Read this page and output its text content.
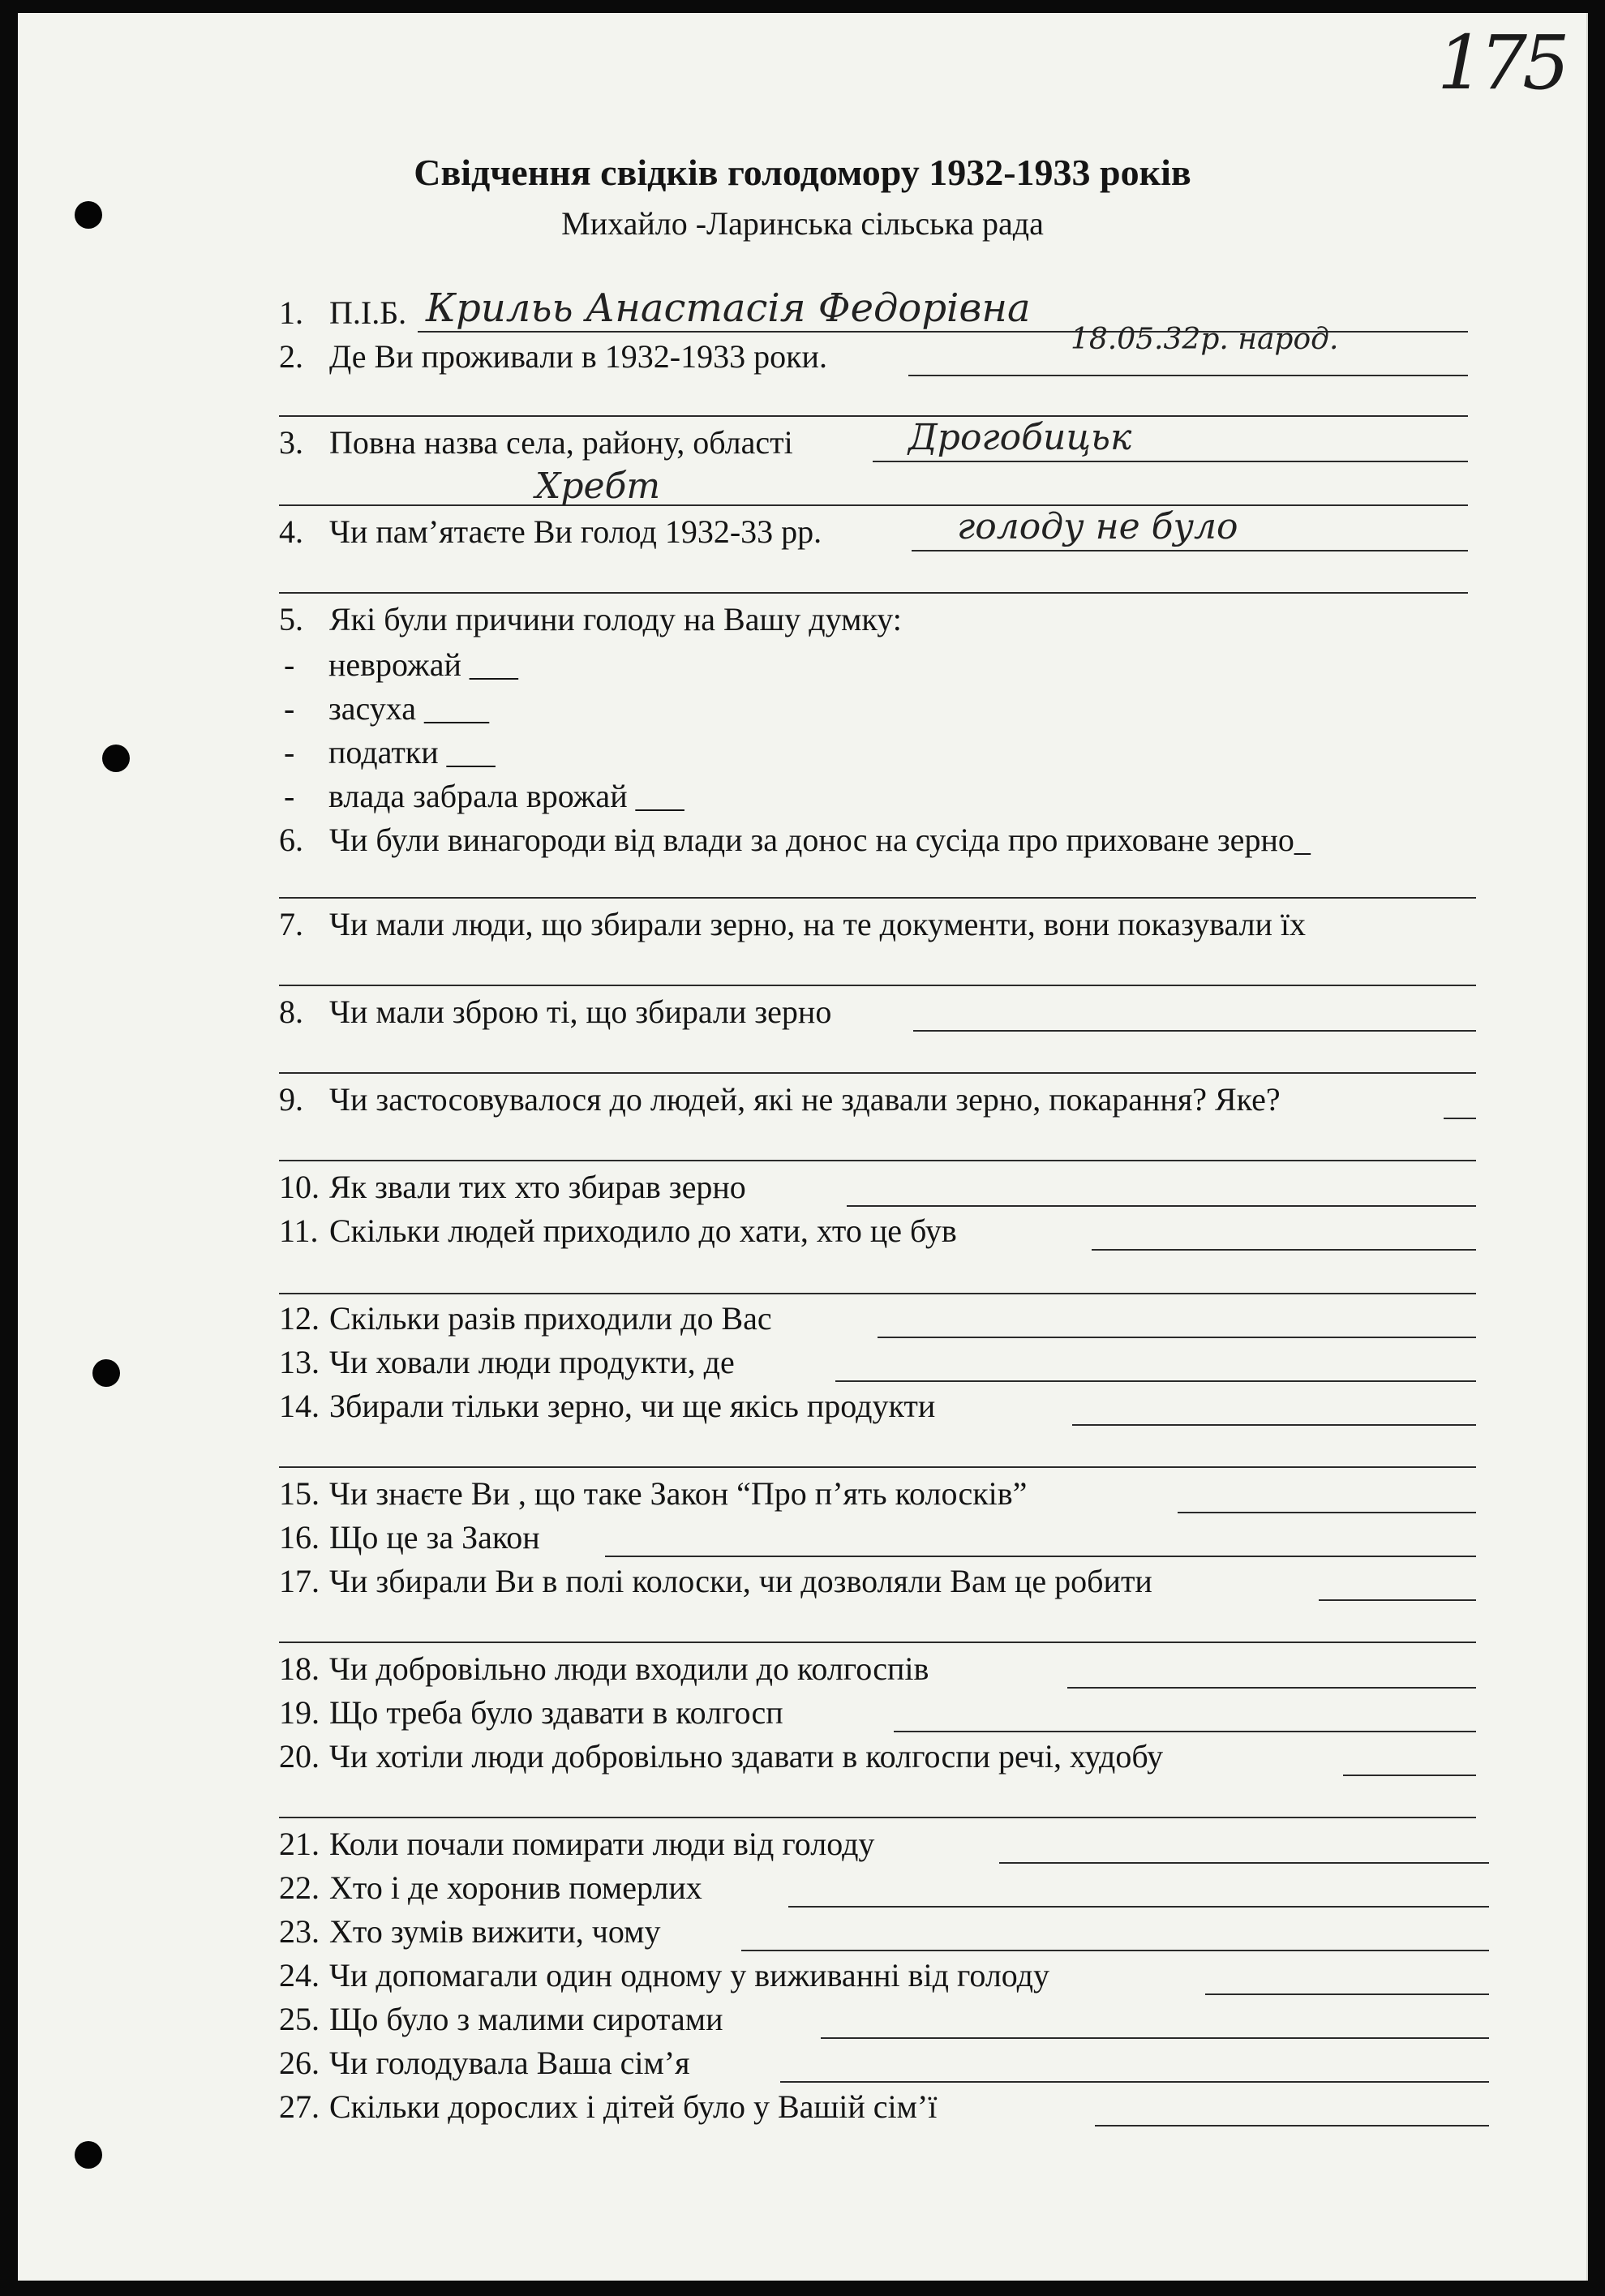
175
Свідчення свідків голодомору 1932-1933 років
Михайло -Ларинська сільська рада
1. П.І.Б. Крильь Анастасія Федорівна
2. Де Ви проживали в 1932-1933 роки.	18.05.32р. народ.
3. Повна назва села, району, області	Дрогобицьк
Хребт
4. Чи пам’ятаєте Ви голод 1932-33 рр.	голоду не було
5. Які були причини голоду на Вашу думку:
- неврожай ___
- засуха ____
- податки ___
- влада забрала врожай ___
6. Чи були винагороди від влади за донос на сусіда про приховане зерно_
7. Чи мали люди, що збирали зерно, на те документи, вони показували їх
8. Чи мали зброю ті, що збирали зерно
9. Чи застосовувалося до людей, які не здавали зерно, покарання? Яке?
10. Як звали тих хто збирав зерно
11. Скільки людей приходило до хати, хто це був
12. Скільки разів приходили до Вас
13. Чи ховали люди продукти, де
14. Збирали тільки зерно, чи ще якісь продукти
15. Чи знаєте Ви , що таке Закон “Про п’ять колосків”
16. Що це за Закон
17. Чи збирали Ви в полі колоски, чи дозволяли Вам це робити
18. Чи добровільно люди входили до колгоспів
19. Що треба було здавати в колгосп
20. Чи хотіли люди добровільно здавати в колгоспи речі, худобу
21. Коли почали помирати люди від голоду
22. Хто і де хоронив померлих
23. Хто зумів вижити, чому
24. Чи допомагали один одному у виживанні від голоду
25. Що було з малими сиротами
26. Чи голодувала Ваша сім’я
27. Скільки дорослих і дітей було у Вашій сім’ї
